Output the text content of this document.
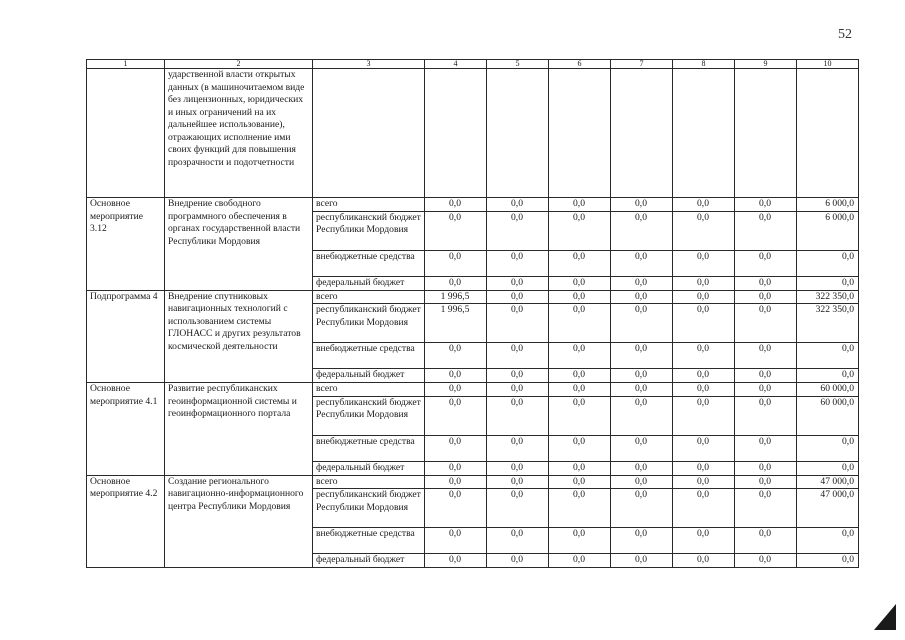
52
1	2	3	4	5	6	7	8	9	10
	ударственной власти открытых данных (в машиночитаемом виде без лицензионных, юридических и иных ограничений на их дальнейшее использование), отражающих исполнение ими своих функций для повышения прозрачности и подотчетности								
Основное мероприятие 3.12	Внедрение свободного программного обеспечения в органах государственной власти Республики Мордовия	всего	0,0	0,0	0,0	0,0	0,0	0,0	6 000,0
		республиканский бюджет Республики Мордовия	0,0	0,0	0,0	0,0	0,0	0,0	6 000,0
		внебюджетные средства	0,0	0,0	0,0	0,0	0,0	0,0	0,0
		федеральный бюджет	0,0	0,0	0,0	0,0	0,0	0,0	0,0
Подпрограмма 4	Внедрение спутниковых навигационных технологий с использованием системы ГЛОНАСС и других результатов космической деятельности	всего	1 996,5	0,0	0,0	0,0	0,0	0,0	322 350,0
		республиканский бюджет Республики Мордовия	1 996,5	0,0	0,0	0,0	0,0	0,0	322 350,0
		внебюджетные средства	0,0	0,0	0,0	0,0	0,0	0,0	0,0
		федеральный бюджет	0,0	0,0	0,0	0,0	0,0	0,0	0,0
Основное мероприятие 4.1	Развитие республиканских геоинформационной системы и геоинформационного портала	всего	0,0	0,0	0,0	0,0	0,0	0,0	60 000,0
		республиканский бюджет Республики Мордовия	0,0	0,0	0,0	0,0	0,0	0,0	60 000,0
		внебюджетные средства	0,0	0,0	0,0	0,0	0,0	0,0	0,0
		федеральный бюджет	0,0	0,0	0,0	0,0	0,0	0,0	0,0
Основное мероприятие 4.2	Создание регионального навигационно-информационного центра Республики Мордовия	всего	0,0	0,0	0,0	0,0	0,0	0,0	47 000,0
		республиканский бюджет Республики Мордовия	0,0	0,0	0,0	0,0	0,0	0,0	47 000,0
		внебюджетные средства	0,0	0,0	0,0	0,0	0,0	0,0	0,0
		федеральный бюджет	0,0	0,0	0,0	0,0	0,0	0,0	0,0
